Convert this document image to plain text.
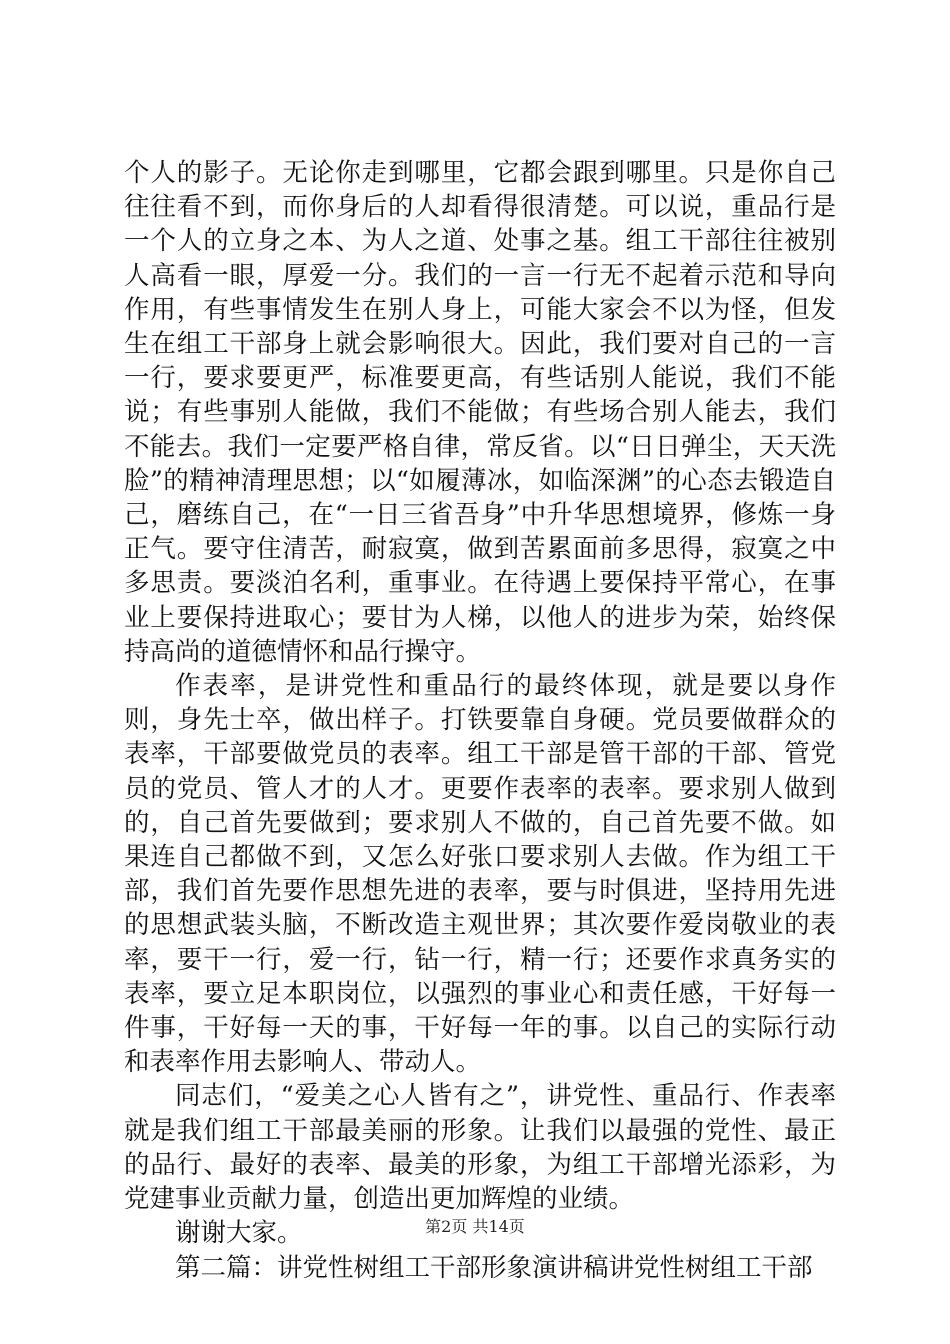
个人的影子。无论你走到哪里，它都会跟到哪里。只是你自己往往看不到，而你身后的人却看得很清楚。可以说，重品行是一个人的立身之本、为人之道、处事之基。组工干部往往被别人高看一眼，厚爱一分。我们的一言一行无不起着示范和导向作用，有些事情发生在别人身上，可能大家会不以为怪，但发生在组工干部身上就会影响很大。因此，我们要对自己的一言一行，要求要更严，标准要更高，有些话别人能说，我们不能说；有些事别人能做，我们不能做；有些场合别人能去，我们不能去。我们一定要严格自律，常反省。以“日日弹尘，天天洗脸”的精神清理思想；以“如履薄冰，如临深渊”的心态去锻造自己，磨练自己，在“一日三省吾身”中升华思想境界，修炼一身正气。要守住清苦，耐寂寞，做到苦累面前多思得，寂寞之中多思责。要淡泊名利，重事业。在待遇上要保持平常心，在事业上要保持进取心；要甘为人梯，以他人的进步为荣，始终保持高尚的道德情怀和品行操守。

作表率，是讲党性和重品行的最终体现，就是要以身作则，身先士卒，做出样子。打铁要靠自身硬。党员要做群众的表率，干部要做党员的表率。组工干部是管干部的干部、管党员的党员、管人才的人才。更要作表率的表率。要求别人做到的，自己首先要做到；要求别人不做的，自己首先要不做。如果连自己都做不到，又怎么好张口要求别人去做。作为组工干部，我们首先要作思想先进的表率，要与时俱进，坚持用先进的思想武装头脑，不断改造主观世界；其次要作爱岗敬业的表率，要干一行，爱一行，钻一行，精一行；还要作求真务实的表率，要立足本职岗位，以强烈的事业心和责任感，干好每一件事，干好每一天的事，干好每一年的事。以自己的实际行动和表率作用去影响人、带动人。

同志们，“爱美之心人皆有之”，讲党性、重品行、作表率就是我们组工干部最美丽的形象。让我们以最强的党性、最正的品行、最好的表率、最美的形象，为组工干部增光添彩，为党建事业贡献力量，创造出更加辉煌的业绩。

谢谢大家。

第二篇：讲党性树组工干部形象演讲稿讲党性树组工干部

第2页 共14页
